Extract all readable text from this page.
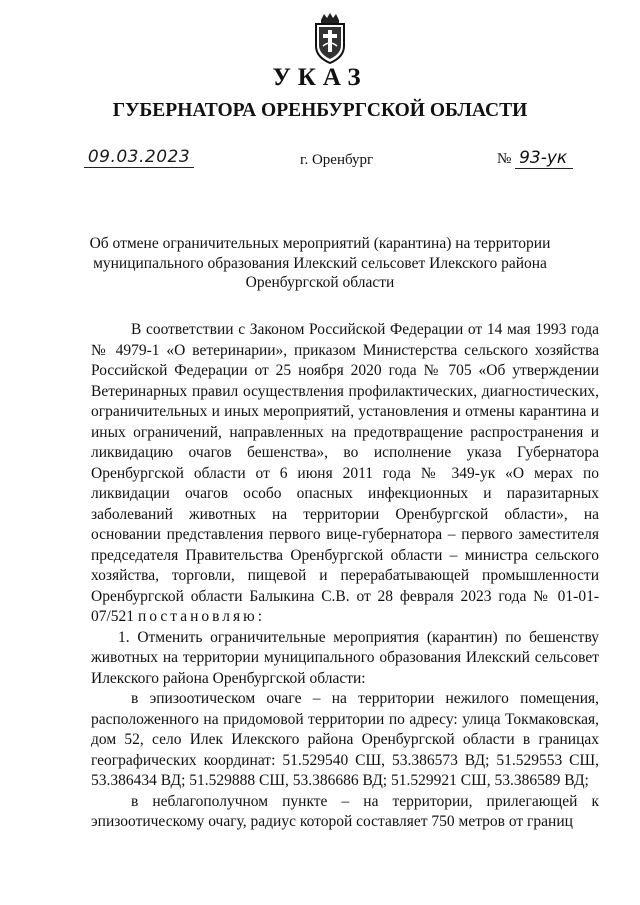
УКАЗ
ГУБЕРНАТОРА ОРЕНБУРГСКОЙ ОБЛАСТИ
09.03.2023	г. Оренбург	№ 93-ук
Об отмене ограничительных мероприятий (карантина) на территории
муниципального образования Илекский сельсовет Илекского района
Оренбургской области

В соответствии с Законом Российской Федерации от 14 мая 1993 года № 4979-1 «О ветеринарии», приказом Министерства сельского хозяйства Российской Федерации от 25 ноября 2020 года № 705 «Об утверждении Ветеринарных правил осуществления профилактических, диагностических, ограничительных и иных мероприятий, установления и отмены карантина и иных ограничений, направленных на предотвращение распространения и ликвидацию очагов бешенства», во исполнение указа Губернатора Оренбургской области от 6 июня 2011 года № 349-ук «О мерах по ликвидации очагов особо опасных инфекционных и паразитарных заболеваний животных на территории Оренбургской области», на основании представления первого вице-губернатора – первого заместителя председателя Правительства Оренбургской области – министра сельского хозяйства, торговли, пищевой и перерабатывающей промышленности Оренбургской области Балыкина С.В. от 28 февраля 2023 года № 01-01-07/521 постановляю:

1. Отменить ограничительные мероприятия (карантин) по бешенству животных на территории муниципального образования Илекский сельсовет Илекского района Оренбургской области:

в эпизоотическом очаге – на территории нежилого помещения, расположенного на придомовой территории по адресу: улица Токмаковская, дом 52, село Илек Илекского района Оренбургской области в границах географических координат: 51.529540 СШ, 53.386573 ВД; 51.529553 СШ, 53.386434 ВД; 51.529888 СШ, 53.386686 ВД; 51.529921 СШ, 53.386589 ВД;

в неблагополучном пункте – на территории, прилегающей к эпизоотическому очагу, радиус которой составляет 750 метров от границ
